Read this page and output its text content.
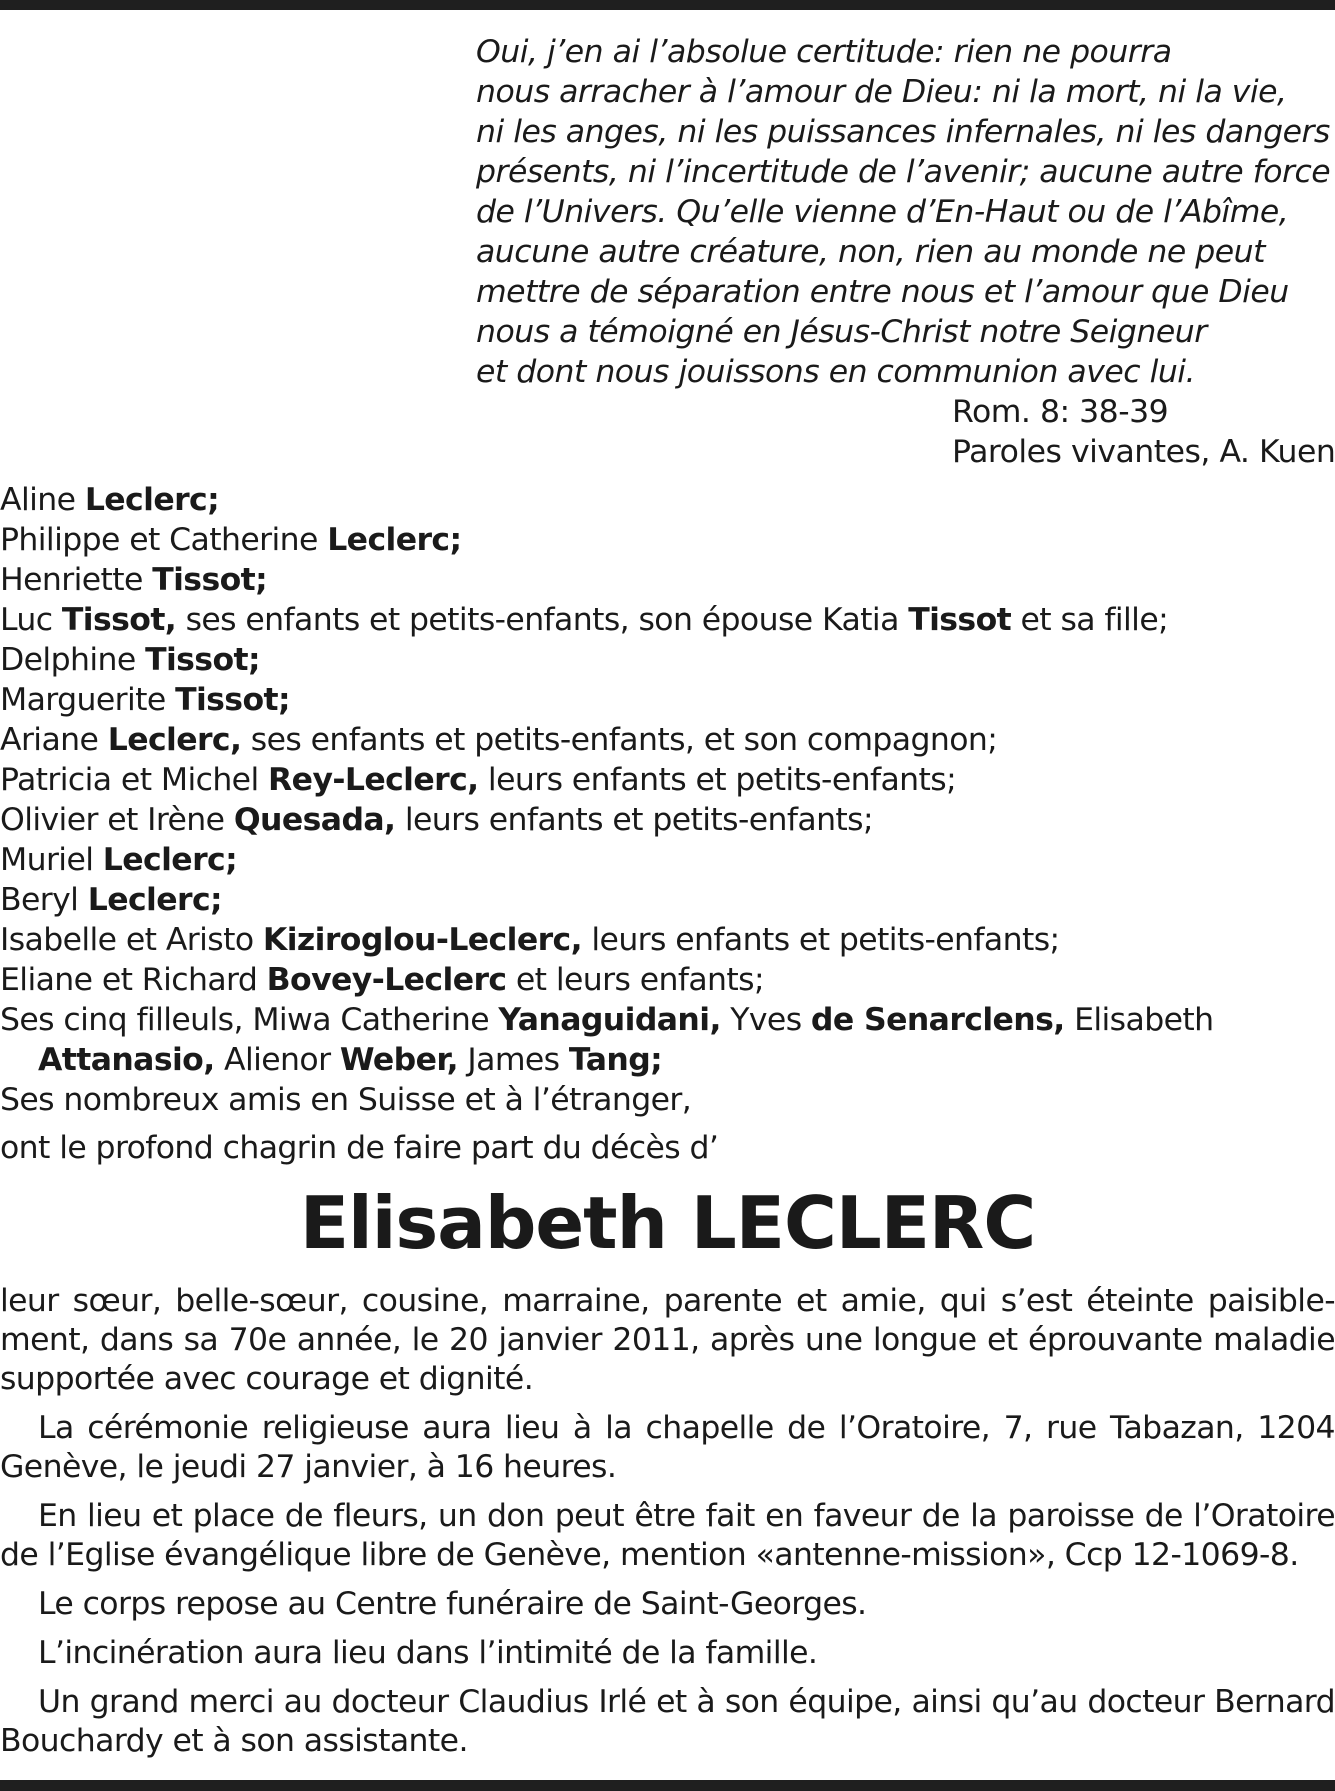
Oui, j’en ai l’absolue certitude: rien ne pourra
nous arracher à l’amour de Dieu: ni la mort, ni la vie,
ni les anges, ni les puissances infernales, ni les dangers
présents, ni l’incertitude de l’avenir; aucune autre force
de l’Univers. Qu’elle vienne d’En-Haut ou de l’Abîme,
aucune autre créature, non, rien au monde ne peut
mettre de séparation entre nous et l’amour que Dieu
nous a témoigné en Jésus-Christ notre Seigneur
et dont nous jouissons en communion avec lui.
Rom. 8: 38-39
Paroles vivantes, A. Kuen
Aline Leclerc;
Philippe et Catherine Leclerc;
Henriette Tissot;
Luc Tissot, ses enfants et petits-enfants, son épouse Katia Tissot et sa fille;
Delphine Tissot;
Marguerite Tissot;
Ariane Leclerc, ses enfants et petits-enfants, et son compagnon;
Patricia et Michel Rey-Leclerc, leurs enfants et petits-enfants;
Olivier et Irène Quesada, leurs enfants et petits-enfants;
Muriel Leclerc;
Beryl Leclerc;
Isabelle et Aristo Kiziroglou-Leclerc, leurs enfants et petits-enfants;
Eliane et Richard Bovey-Leclerc et leurs enfants;
Ses cinq filleuls, Miwa Catherine Yanaguidani, Yves de Senarclens, Elisabeth Attanasio, Alienor Weber, James Tang;
Ses nombreux amis en Suisse et à l’étranger,
ont le profond chagrin de faire part du décès d’
Elisabeth LECLERC

leur sœur, belle-sœur, cousine, marraine, parente et amie, qui s’est éteinte paisible-ment, dans sa 70e année, le 20 janvier 2011, après une longue et éprouvante maladie supportée avec courage et dignité.

La cérémonie religieuse aura lieu à la chapelle de l’Oratoire, 7, rue Tabazan, 1204 Genève, le jeudi 27 janvier, à 16 heures.

En lieu et place de fleurs, un don peut être fait en faveur de la paroisse de l’Oratoire de l’Eglise évangélique libre de Genève, mention «antenne-mission», Ccp 12-1069-8.

Le corps repose au Centre funéraire de Saint-Georges.

L’incinération aura lieu dans l’intimité de la famille.

Un grand merci au docteur Claudius Irlé et à son équipe, ainsi qu’au docteur Bernard Bouchardy et à son assistante.
